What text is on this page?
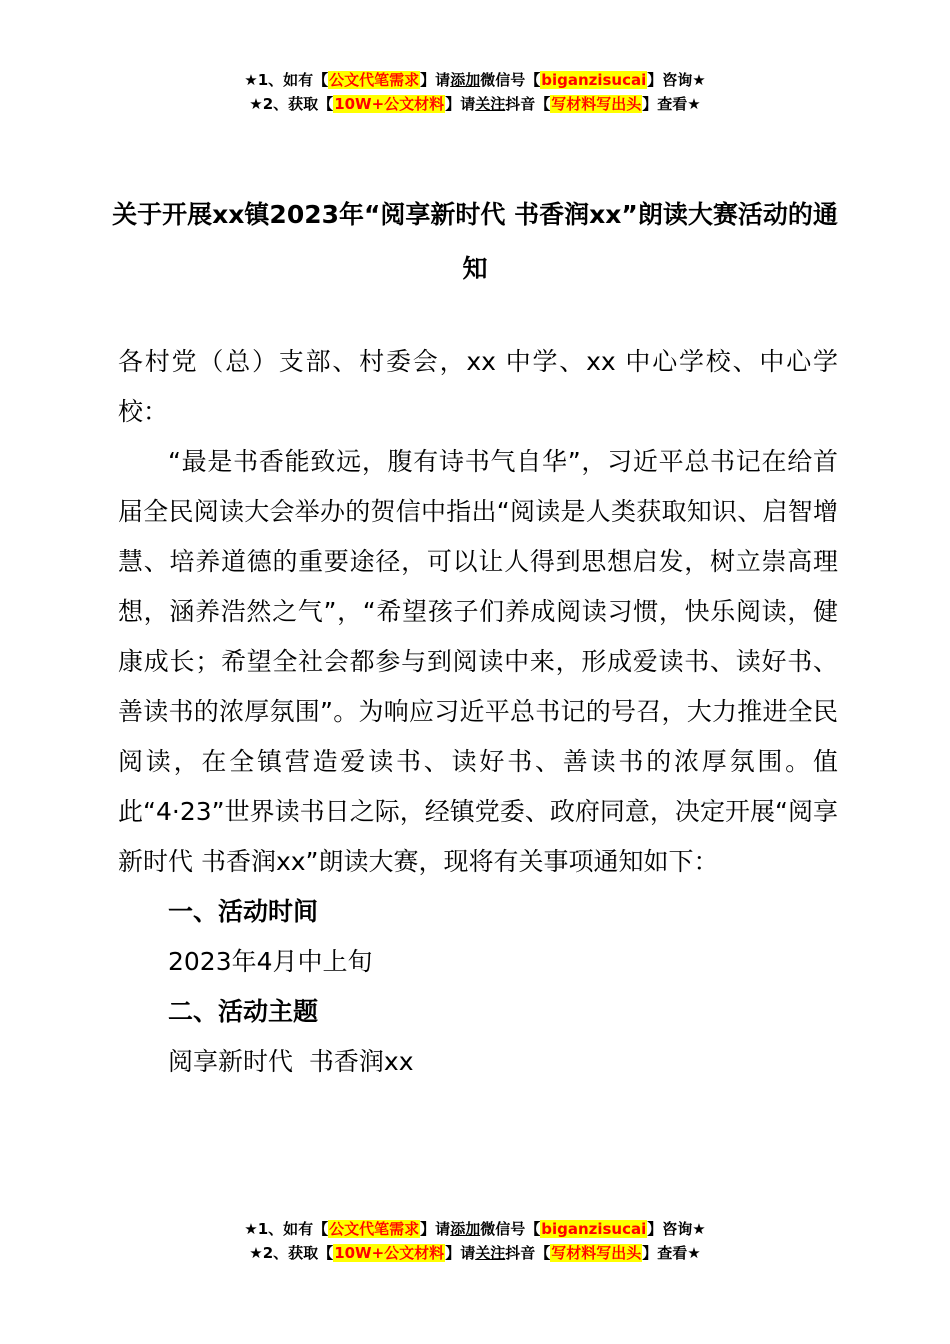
★1、如有【公文代笔需求】请添加微信号【biganzisucai】咨询★
★2、获取【10W+公文材料】请关注抖音【写材料写出头】查看★
关于开展xx镇2023年“阅享新时代 书香润xx”朗读大赛活动的通知

各村党（总）支部、村委会，xx 中学、xx 中心学校、中心学校：

“最是书香能致远，腹有诗书气自华”，习近平总书记在给首届全民阅读大会举办的贺信中指出“阅读是人类获取知识、启智增慧、培养道德的重要途径，可以让人得到思想启发，树立崇高理想，涵养浩然之气”，“希望孩子们养成阅读习惯，快乐阅读，健康成长；希望全社会都参与到阅读中来，形成爱读书、读好书、善读书的浓厚氛围”。为响应习近平总书记的号召，大力推进全民阅读，在全镇营造爱读书、读好书、善读书的浓厚氛围。值此“4·23”世界读书日之际，经镇党委、政府同意，决定开展“阅享新时代 书香润xx”朗读大赛，现将有关事项通知如下：

一、活动时间

2023年4月中上旬

二、活动主题

阅享新时代  书香润xx

★1、如有【公文代笔需求】请添加微信号【biganzisucai】咨询★
★2、获取【10W+公文材料】请关注抖音【写材料写出头】查看★
